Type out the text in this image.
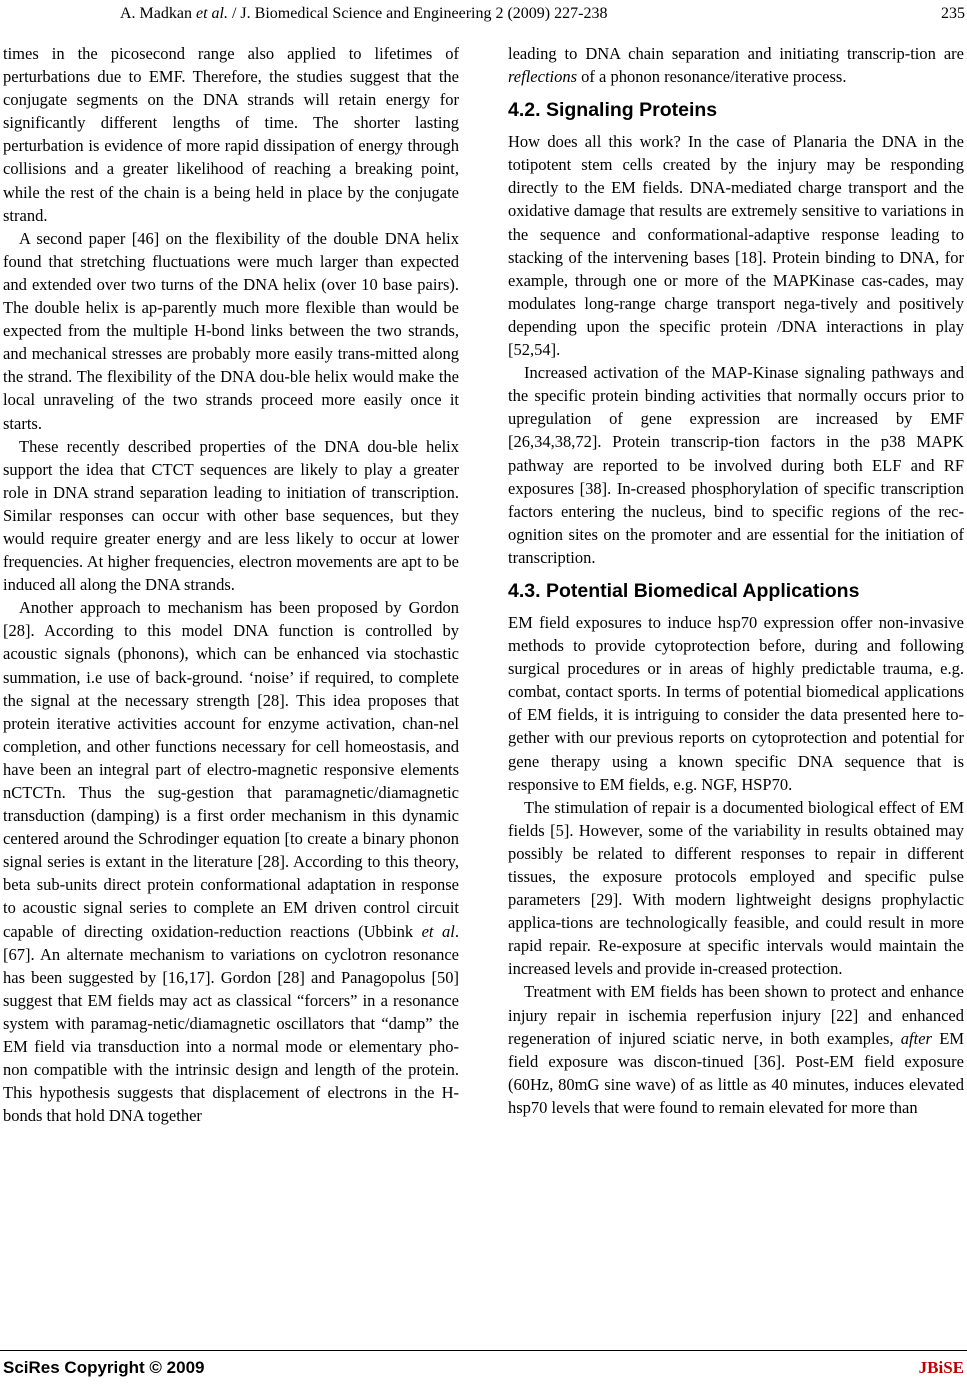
A. Madkan et al. / J. Biomedical Science and Engineering 2 (2009) 227-238	235

times in the picosecond range also applied to lifetimes of perturbations due to EMF. Therefore, the studies suggest that the conjugate segments on the DNA strands will retain energy for significantly different lengths of time. The shorter lasting perturbation is evidence of more rapid dissipation of energy through collisions and a greater likelihood of reaching a breaking point, while the rest of the chain is a being held in place by the conjugate strand.

A second paper [46] on the flexibility of the double DNA helix found that stretching fluctuations were much larger than expected and extended over two turns of the DNA helix (over 10 base pairs). The double helix is ap-parently much more flexible than would be expected from the multiple H-bond links between the two strands, and mechanical stresses are probably more easily trans-mitted along the strand. The flexibility of the DNA dou-ble helix would make the local unraveling of the two strands proceed more easily once it starts.

These recently described properties of the DNA dou-ble helix support the idea that CTCT sequences are likely to play a greater role in DNA strand separation leading to initiation of transcription. Similar responses can occur with other base sequences, but they would require greater energy and are less likely to occur at lower frequencies. At higher frequencies, electron movements are apt to be induced all along the DNA strands.

Another approach to mechanism has been proposed by Gordon [28]. According to this model DNA function is controlled by acoustic signals (phonons), which can be enhanced via stochastic summation, i.e use of back-ground. ‘noise’ if required, to complete the signal at the necessary strength [28]. This idea proposes that protein iterative activities account for enzyme activation, chan-nel completion, and other functions necessary for cell homeostasis, and have been an integral part of electro-magnetic responsive elements nCTCTn. Thus the sug-gestion that paramagnetic/diamagnetic transduction (damping) is a first order mechanism in this dynamic centered around the Schrodinger equation [to create a binary phonon signal series is extant in the literature [28]. According to this theory, beta sub-units direct protein conformational adaptation in response to acoustic signal series to complete an EM driven control circuit capable of directing oxidation-reduction reactions (Ubbink et al. [67]. An alternate mechanism to variations on cyclotron resonance has been suggested by [16,17]. Gordon [28] and Panagopolus [50] suggest that EM fields may act as classical “forcers” in a resonance system with paramag-netic/diamagnetic oscillators that “damp” the EM field via transduction into a normal mode or elementary pho-non compatible with the intrinsic design and length of the protein. This hypothesis suggests that displacement of electrons in the H-bonds that hold DNA together

leading to DNA chain separation and initiating transcrip-tion are reflections of a phonon resonance/iterative process.

4.2. Signaling Proteins

How does all this work? In the case of Planaria the DNA in the totipotent stem cells created by the injury may be responding directly to the EM fields. DNA-mediated charge transport and the oxidative damage that results are extremely sensitive to variations in the sequence and conformational-adaptive response leading to stacking of the intervening bases [18]. Protein binding to DNA, for example, through one or more of the MAPKinase cas-cades, may modulates long-range charge transport nega-tively and positively depending upon the specific protein /DNA interactions in play [52,54].

Increased activation of the MAP-Kinase signaling pathways and the specific protein binding activities that normally occurs prior to upregulation of gene expression are increased by EMF [26,34,38,72]. Protein transcrip-tion factors in the p38 MAPK pathway are reported to be involved during both ELF and RF exposures [38]. In-creased phosphorylation of specific transcription factors entering the nucleus, bind to specific regions of the rec-ognition sites on the promoter and are essential for the initiation of transcription.

4.3. Potential Biomedical Applications

EM field exposures to induce hsp70 expression offer non-invasive methods to provide cytoprotection before, during and following surgical procedures or in areas of highly predictable trauma, e.g. combat, contact sports. In terms of potential biomedical applications of EM fields, it is intriguing to consider the data presented here to-gether with our previous reports on cytoprotection and potential for gene therapy using a known specific DNA sequence that is responsive to EM fields, e.g. NGF, HSP70.

The stimulation of repair is a documented biological effect of EM fields [5]. However, some of the variability in results obtained may possibly be related to different responses to repair in different tissues, the exposure protocols employed and specific pulse parameters [29]. With modern lightweight designs prophylactic applica-tions are technologically feasible, and could result in more rapid repair. Re-exposure at specific intervals would maintain the increased levels and provide in-creased protection.

Treatment with EM fields has been shown to protect and enhance injury repair in ischemia reperfusion injury [22] and enhanced regeneration of injured sciatic nerve, in both examples, after EM field exposure was discon-tinued [36]. Post-EM field exposure (60Hz, 80mG sine wave) of as little as 40 minutes, induces elevated hsp70 levels that were found to remain elevated for more than

SciRes Copyright © 2009	JBiSE
